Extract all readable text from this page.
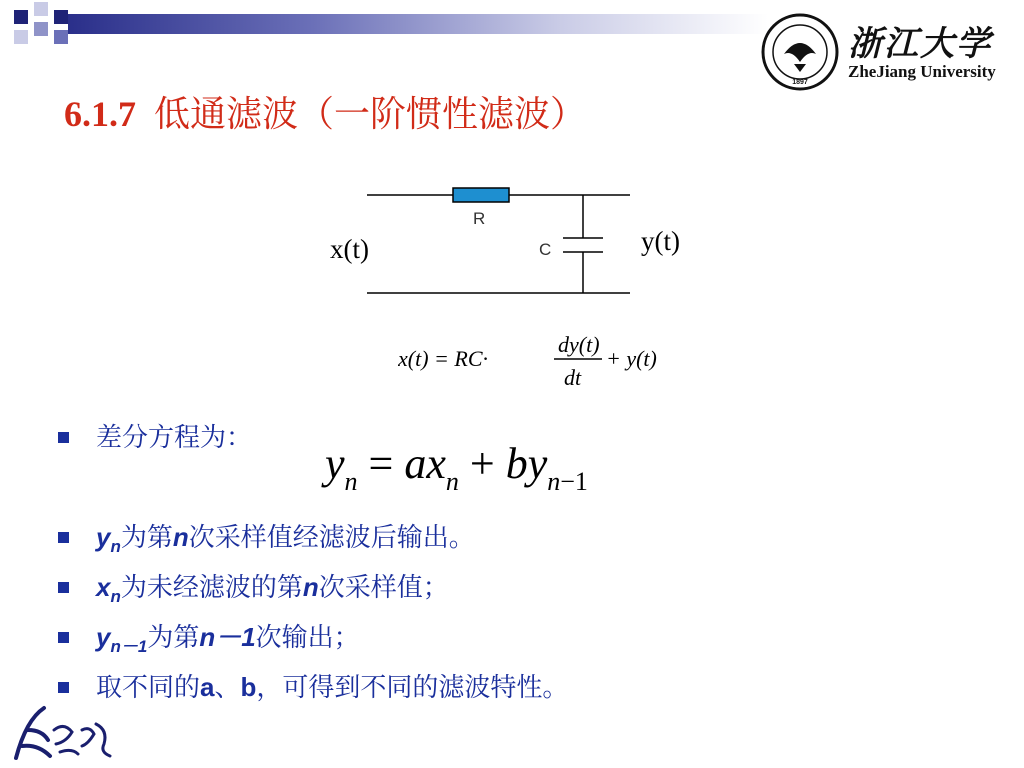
1897
浙江大学
ZheJiang University
6.1.7 低通滤波（一阶惯性滤波）
R
C
x(t)	y(t)
x(t) = RC·
dy(t)
dt
+ y(t)
$y_n = ax_n + by_{n-1}$
差分方程为：
$y_n$为第n次采样值经滤波后输出。
$x_n$为未经滤波的第n次采样值；
$y_{n-1}$为第n－1次输出；
取不同的a、b，可得到不同的滤波特性。
